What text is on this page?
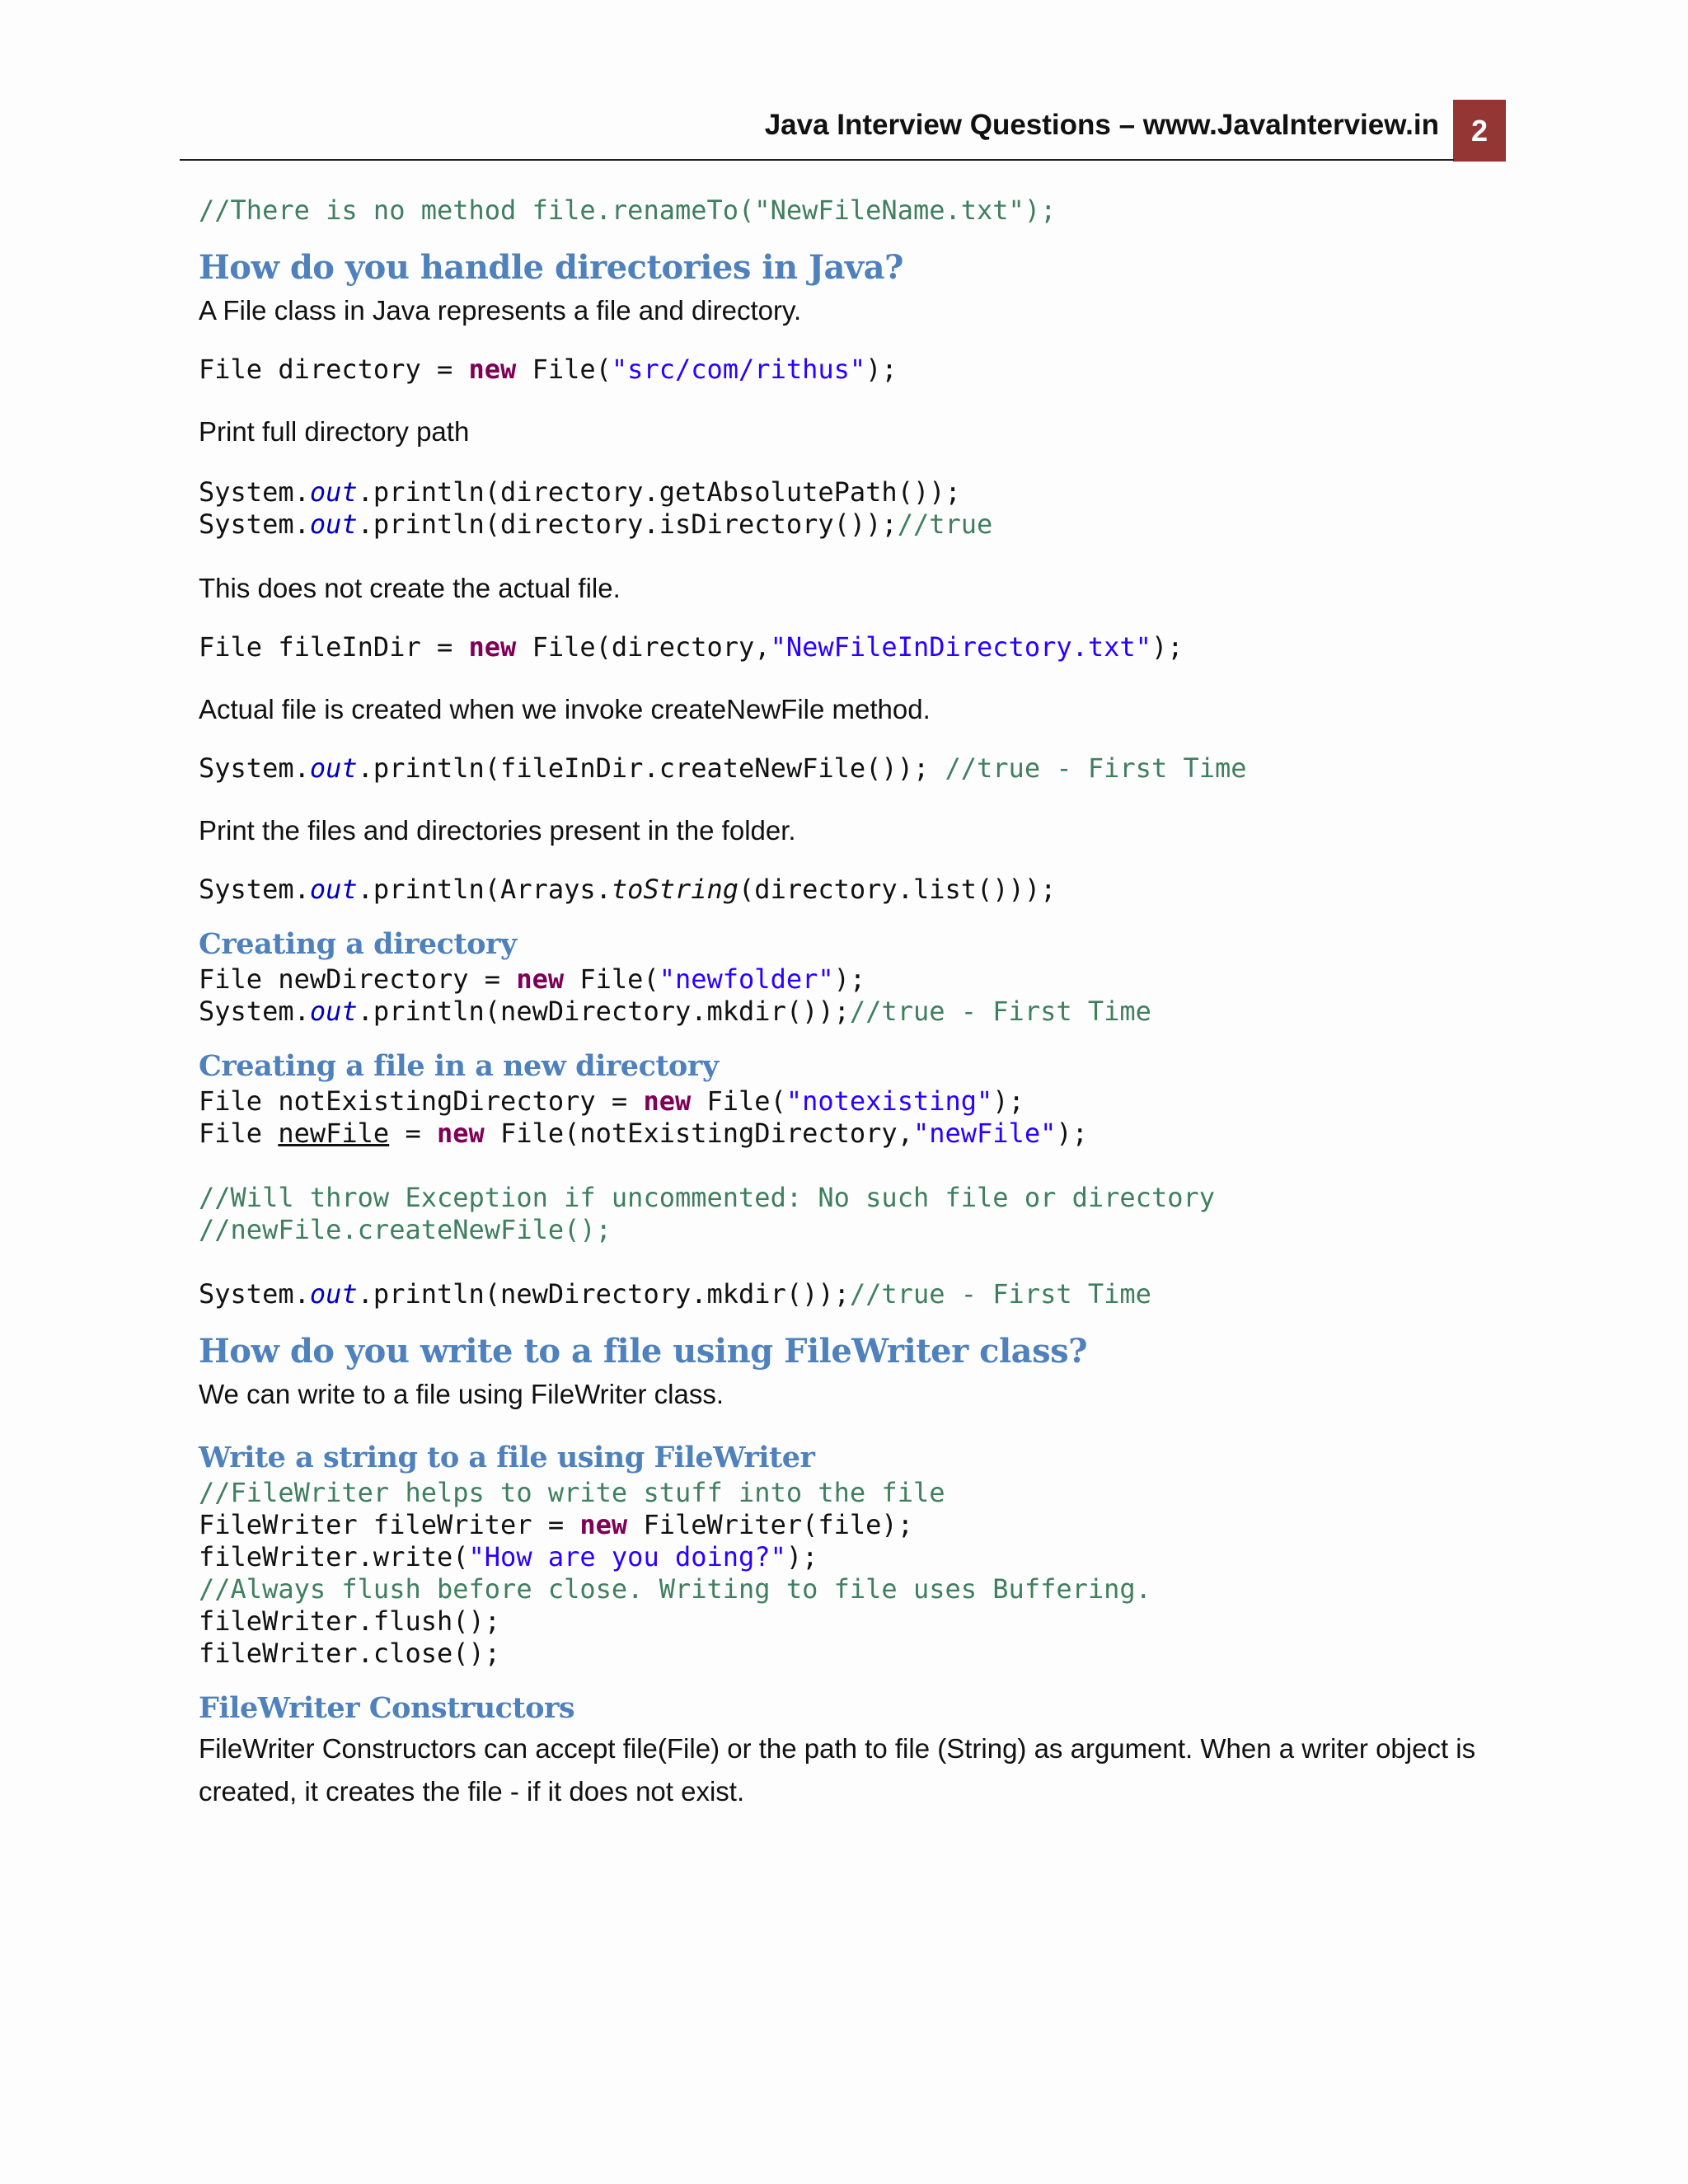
Java Interview Questions – www.JavaInterview.in	2
//There is no method file.renameTo("NewFileName.txt");
How do you handle directories in Java?

A File class in Java represents a file and directory.

File directory = new File("src/com/rithus");

Print full directory path

System.out.println(directory.getAbsolutePath());
System.out.println(directory.isDirectory());//true

This does not create the actual file.

File fileInDir = new File(directory,"NewFileInDirectory.txt");

Actual file is created when we invoke createNewFile method.

System.out.println(fileInDir.createNewFile()); //true - First Time

Print the files and directories present in the folder.

System.out.println(Arrays.toString(directory.list()));
Creating a directory
File newDirectory = new File("newfolder");
System.out.println(newDirectory.mkdir());//true - First Time
Creating a file in a new directory
File notExistingDirectory = new File("notexisting");
File newFile = new File(notExistingDirectory,"newFile");
//Will throw Exception if uncommented: No such file or directory
//newFile.createNewFile();
System.out.println(newDirectory.mkdir());//true - First Time
How do you write to a file using FileWriter class?

We can write to a file using FileWriter class.

Write a string to a file using FileWriter
//FileWriter helps to write stuff into the file
FileWriter fileWriter = new FileWriter(file);
fileWriter.write("How are you doing?");
//Always flush before close. Writing to file uses Buffering.
fileWriter.flush();
fileWriter.close();
FileWriter Constructors

FileWriter Constructors can accept file(File) or the path to file (String) as argument. When a writer object is created, it creates the file - if it does not exist.
